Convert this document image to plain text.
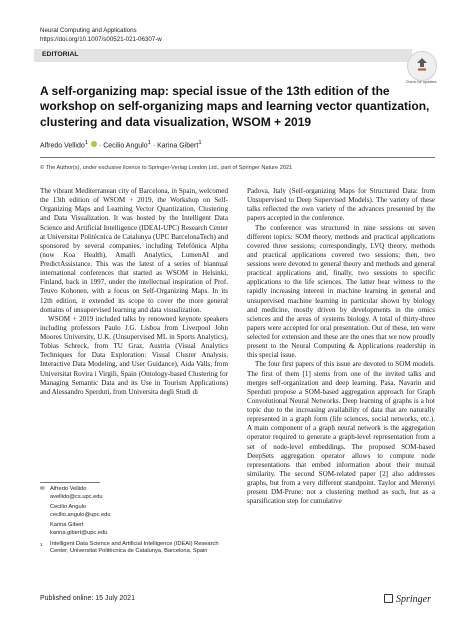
Neural Computing and Applications
https://doi.org/10.1007/s00521-021-06307-w
EDITORIAL
Check for updates
A self-organizing map: special issue of the 13th edition of the workshop on self-organizing maps and learning vector quantization, clustering and data visualization, WSOM + 2019
Alfredo Vellido$^1$ · Cecilio Angulo$^1$ · Karina Gibert$^1$
© The Author(s), under exclusive licence to Springer-Verlag London Ltd., part of Springer Nature 2021

The vibrant Mediterranean city of Barcelona, in Spain, welcomed the 13th edition of WSOM + 2019, the Workshop on Self-Organizing Maps and Learning Vector Quantization, Clustering and Data Visualization. It was hosted by the Intelligent Data Science and Artificial Intelligence (IDEAI-UPC) Research Center at Universitat Politècnica de Catalunya (UPC BarcelonaTech) and sponsored by several companies, including Telefónica Alpha (now Koa Health), Amalfi Analytics, LumenAI and PredictAssistance. This was the latest of a series of biannual international conferences that started as WSOM in Helsinki, Finland, back in 1997, under the intellectual inspiration of Prof. Teuvo Kohonen, with a focus on Self-Organizing Maps. In its 12th edition, it extended its scope to cover the more general domains of unsupervised learning and data visualization.

WSOM + 2019 included talks by renowned keynote speakers including professors Paulo J.G. Lisboa from Liverpool John Moores University, U.K. (Unsupervised ML in Sports Analytics), Tobias Schreck, from TU Graz, Austria (Visual Analytics Techniques for Data Exploration: Visual Cluster Analysis, Interactive Data Modeling, and User Guidance), Aida Valls, from Universitat Rovira i Virgili, Spain (Ontology-based Clustering for Managing Semantic Data and its Use in Tourism Applications) and Alessandro Sperduti, from Universita degli Studi di

Padova, Italy (Self-organizing Maps for Structured Data: from Unsupervised to Deep Supervised Models). The variety of these talks reflected the own variety of the advances presented by the papers accepted in the conference.

The conference was structured in nine sessions on seven different topics: SOM theory, methods and practical applications covered three sessions; correspondingly, LVQ theory, methods and practical applications covered two sessions; then, two sessions were devoted to general theory and methods and general practical applications and, finally, two sessions to specific applications to the life sciences. The latter bear witness to the rapidly increasing interest in machine learning in general and unsupervised machine learning in particular shown by biology and medicine, mostly driven by developments in the omics sciences and the areas of systems biology. A total of thirty-three papers were accepted for oral presentation. Out of these, ten were selected for extension and these are the ones that we now proudly present to the Neural Computing & Applications readership in this special issue.

The four first papers of this issue are devoted to SOM models. The first of them [1] stems from one of the invited talks and merges self-organization and deep learning. Pasa, Navarin and Sperduti propose a SOM-based aggregation approach for Graph Convolutional Neural Networks. Deep learning of graphs is a hot topic due to the increasing availability of data that are naturally represented in a graph form (life sciences, social networks, etc.). A main component of a graph neural network is the aggregation operator required to generate a graph-level representation from a set of node-level embeddings. The proposed SOM-based DeepSets aggregation operator allows to compute node representations that embed information about their mutual similarity. The second SOM-related paper [2] also addresses graphs, but from a very different standpoint. Taylor and Merenyi present DM-Prune: not a clustering method as such, but as a sparsification step for cumulative

✉ Alfredo Vellido
avellido@cs.upc.edu
Cecilio Angulo
cecilio.angulo@upc.edu
Karina Gibert
karina.gibert@upc.edu
1 Intelligent Data Science and Artificial Intelligence (IDEAI) Research Center, Universitat Politècnica de Catalunya, Barcelona, Spain
Published online: 15 July 2021	Springer
